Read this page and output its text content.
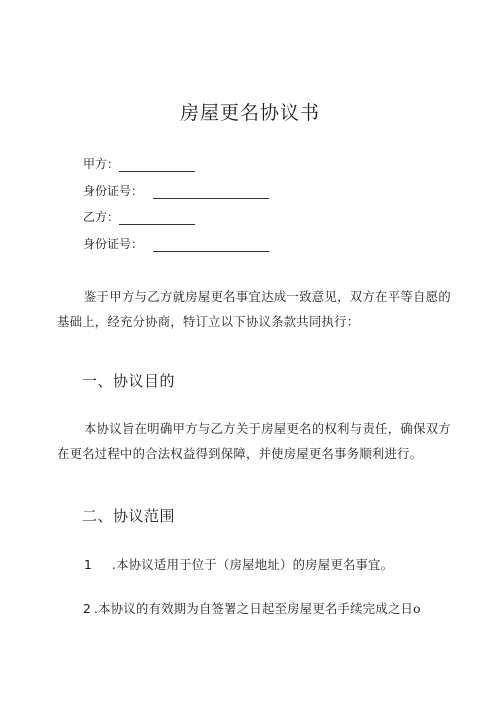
房屋更名协议书
甲方：
身份证号：
乙方：
身份证号：

鉴于甲方与乙方就房屋更名事宜达成一致意见，双方在平等自愿的基础上，经充分协商，特订立以下协议条款共同执行：

一、协议目的

本协议旨在明确甲方与乙方关于房屋更名的权利与责任，确保双方在更名过程中的合法权益得到保障，并使房屋更名事务顺利进行。

二、协议范围
1 .本协议适用于位于（房屋地址）的房屋更名事宜。
2 .本协议的有效期为自签署之日起至房屋更名手续完成之日o
